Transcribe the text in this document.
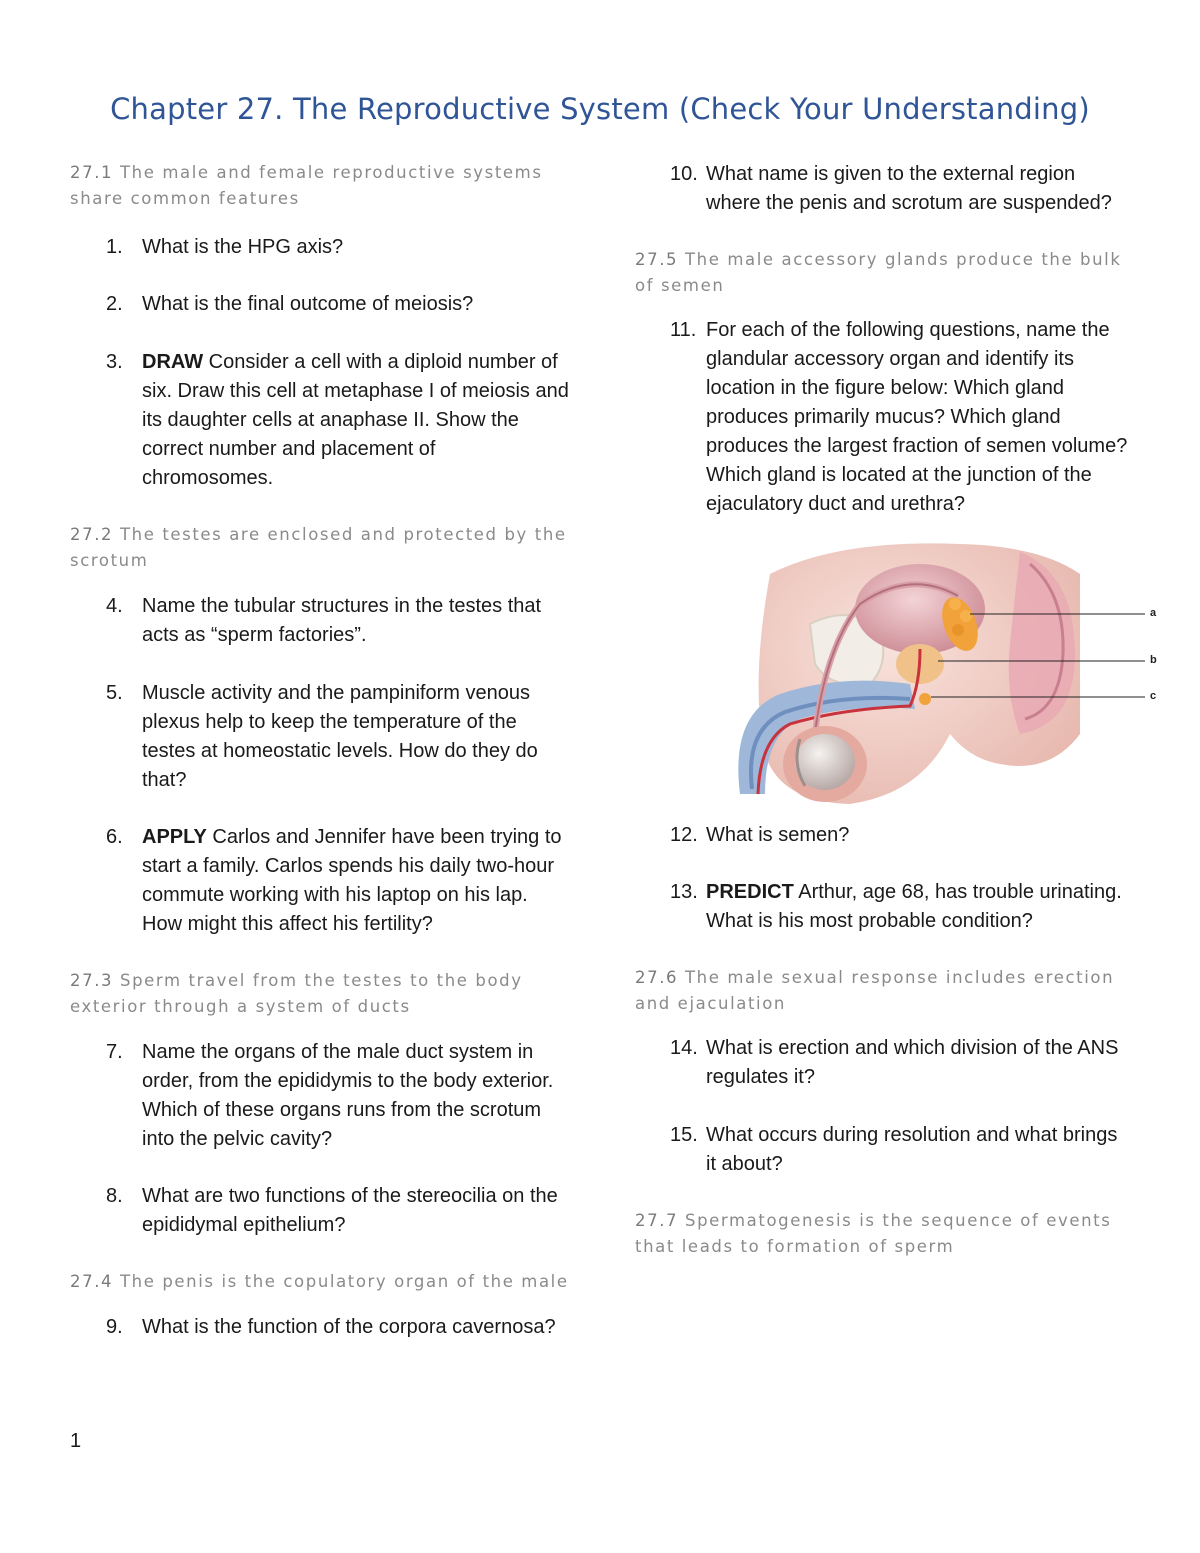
Chapter 27. The Reproductive System (Check Your Understanding)

27.1 The male and female reproductive systems share common features

1. What is the HPG axis?
2. What is the final outcome of meiosis?
3. DRAW Consider a cell with a diploid number of six. Draw this cell at metaphase I of meiosis and its daughter cells at anaphase II. Show the correct number and placement of chromosomes.

27.2 The testes are enclosed and protected by the scrotum

4. Name the tubular structures in the testes that acts as “sperm factories”.
5. Muscle activity and the pampiniform venous plexus help to keep the temperature of the testes at homeostatic levels. How do they do that?
6. APPLY Carlos and Jennifer have been trying to start a family. Carlos spends his daily two-hour commute working with his laptop on his lap. How might this affect his fertility?

27.3 Sperm travel from the testes to the body exterior through a system of ducts

7. Name the organs of the male duct system in order, from the epididymis to the body exterior. Which of these organs runs from the scrotum into the pelvic cavity?
8. What are two functions of the stereocilia on the epididymal epithelium?

27.4 The penis is the copulatory organ of the male

9. What is the function of the corpora cavernosa?
10. What name is given to the external region where the penis and scrotum are suspended?

27.5 The male accessory glands produce the bulk of semen

11. For each of the following questions, name the glandular accessory organ and identify its location in the figure below: Which gland produces primarily mucus? Which gland produces the largest fraction of semen volume? Which gland is located at the junction of the ejaculatory duct and urethra?
a
b
c
12. What is semen?
13. PREDICT Arthur, age 68, has trouble urinating. What is his most probable condition?

27.6 The male sexual response includes erection and ejaculation

14. What is erection and which division of the ANS regulates it?
15. What occurs during resolution and what brings it about?

27.7 Spermatogenesis is the sequence of events that leads to formation of sperm

1
